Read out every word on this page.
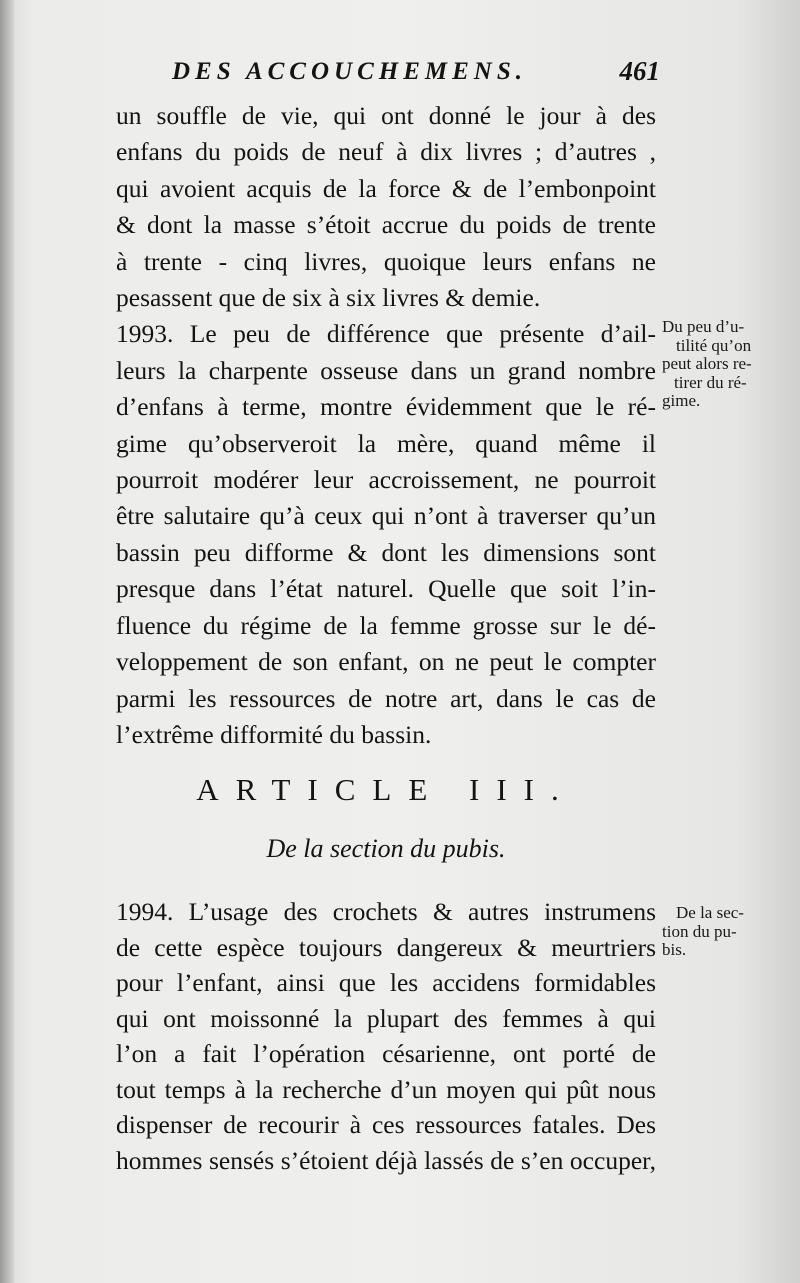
DES ACCOUCHEMENS.	461
un souffle de vie, qui ont donné le jour à des
enfans du poids de neuf à dix livres ; d’autres ,
qui avoient acquis de la force & de l’embonpoint
& dont la masse s’étoit accrue du poids de trente
à trente - cinq livres, quoique leurs enfans ne
pesassent que de six à six livres & demie.
1993. Le peu de différence que présente d’ail-
leurs la charpente osseuse dans un grand nombre
d’enfans à terme, montre évidemment que le ré-
gime qu’observeroit la mère, quand même il
pourroit modérer leur accroissement, ne pourroit
être salutaire qu’à ceux qui n’ont à traverser qu’un
bassin peu difforme & dont les dimensions sont
presque dans l’état naturel. Quelle que soit l’in-
fluence du régime de la femme grosse sur le dé-
veloppement de son enfant, on ne peut le compter
parmi les ressources de notre art, dans le cas de
l’extrême difformité du bassin.
Du peu d’u-
tilité qu’on
peut alors re-
tirer du ré-
gime.
ARTICLE III.
De la section du pubis.
1994. L’usage des crochets & autres instrumens
de cette espèce toujours dangereux & meurtriers
pour l’enfant, ainsi que les accidens formidables
qui ont moissonné la plupart des femmes à qui
l’on a fait l’opération césarienne, ont porté de
tout temps à la recherche d’un moyen qui pût nous
dispenser de recourir à ces ressources fatales. Des
hommes sensés s’étoient déjà lassés de s’en occuper,
De la sec-
tion du pu-
bis.
